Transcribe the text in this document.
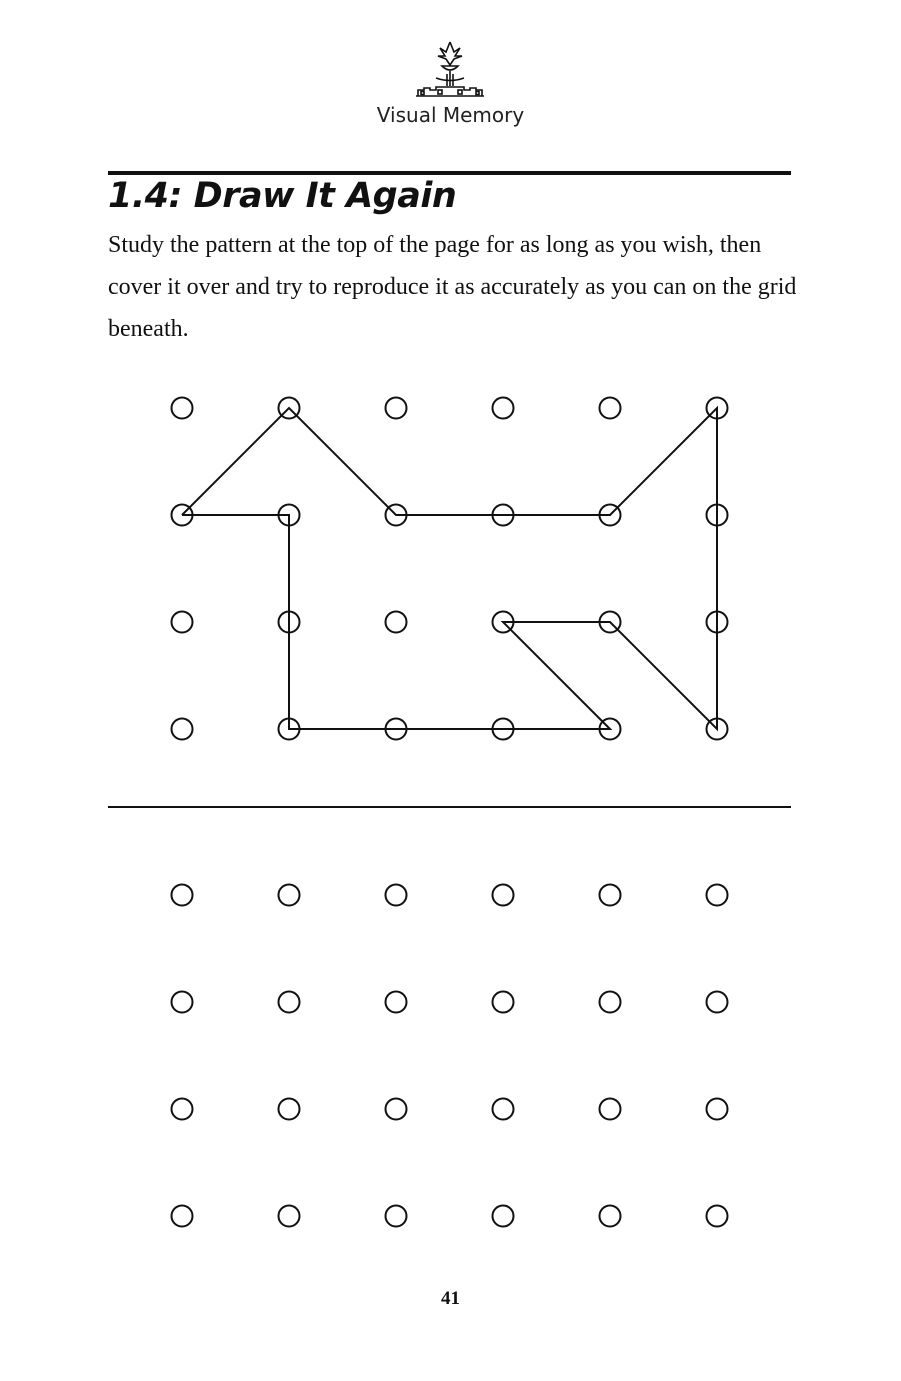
Visual Memory
1.4: Draw It Again

Study the pattern at the top of the page for as long as you wish, then cover it over and try to reproduce it as accurately as you can on the grid beneath.

41
